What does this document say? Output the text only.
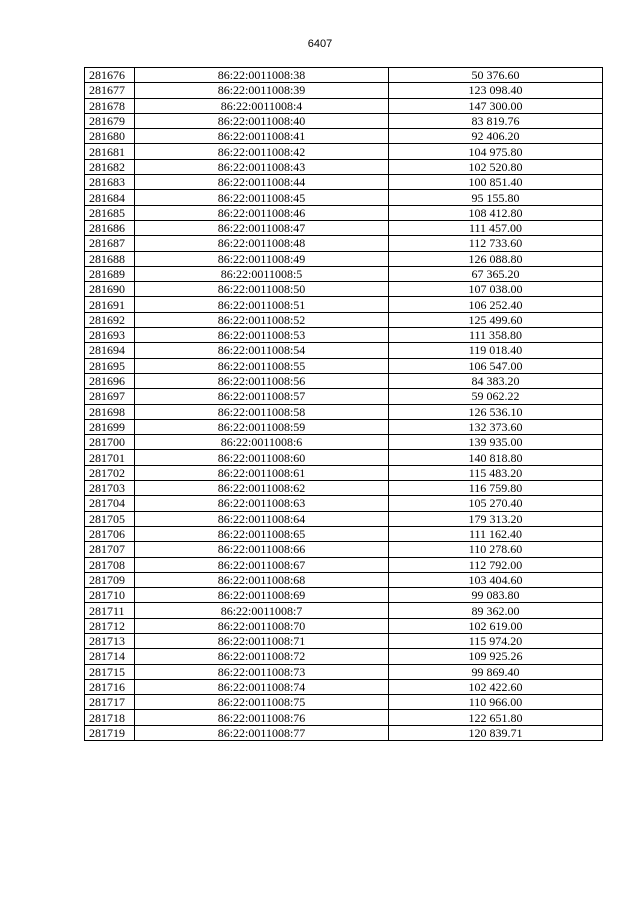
6407
281676	86:22:0011008:38	50 376.60
281677	86:22:0011008:39	123 098.40
281678	86:22:0011008:4	147 300.00
281679	86:22:0011008:40	83 819.76
281680	86:22:0011008:41	92 406.20
281681	86:22:0011008:42	104 975.80
281682	86:22:0011008:43	102 520.80
281683	86:22:0011008:44	100 851.40
281684	86:22:0011008:45	95 155.80
281685	86:22:0011008:46	108 412.80
281686	86:22:0011008:47	111 457.00
281687	86:22:0011008:48	112 733.60
281688	86:22:0011008:49	126 088.80
281689	86:22:0011008:5	67 365.20
281690	86:22:0011008:50	107 038.00
281691	86:22:0011008:51	106 252.40
281692	86:22:0011008:52	125 499.60
281693	86:22:0011008:53	111 358.80
281694	86:22:0011008:54	119 018.40
281695	86:22:0011008:55	106 547.00
281696	86:22:0011008:56	84 383.20
281697	86:22:0011008:57	59 062.22
281698	86:22:0011008:58	126 536.10
281699	86:22:0011008:59	132 373.60
281700	86:22:0011008:6	139 935.00
281701	86:22:0011008:60	140 818.80
281702	86:22:0011008:61	115 483.20
281703	86:22:0011008:62	116 759.80
281704	86:22:0011008:63	105 270.40
281705	86:22:0011008:64	179 313.20
281706	86:22:0011008:65	111 162.40
281707	86:22:0011008:66	110 278.60
281708	86:22:0011008:67	112 792.00
281709	86:22:0011008:68	103 404.60
281710	86:22:0011008:69	99 083.80
281711	86:22:0011008:7	89 362.00
281712	86:22:0011008:70	102 619.00
281713	86:22:0011008:71	115 974.20
281714	86:22:0011008:72	109 925.26
281715	86:22:0011008:73	99 869.40
281716	86:22:0011008:74	102 422.60
281717	86:22:0011008:75	110 966.00
281718	86:22:0011008:76	122 651.80
281719	86:22:0011008:77	120 839.71
